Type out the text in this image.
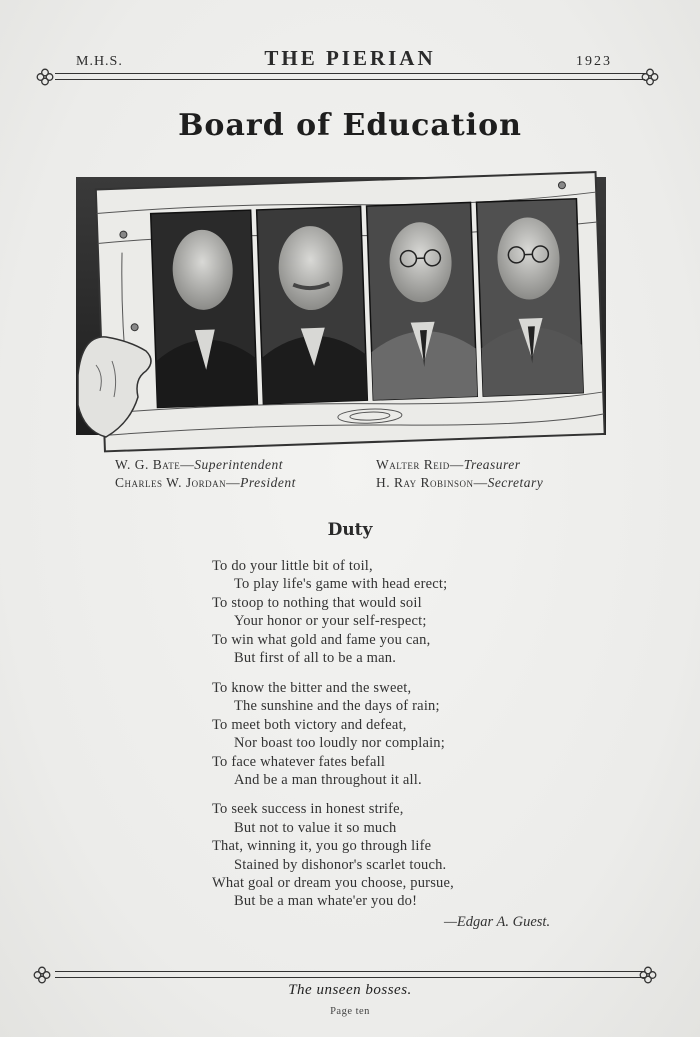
M.H.S.	THE PIERIAN	1923
Board of Education
W. G. Bate—Superintendent
Charles W. Jordan—President
Walter Reid—Treasurer
H. Ray Robinson—Secretary
Duty
To do your little bit of toil,
To play life's game with head erect;
To stoop to nothing that would soil
Your honor or your self-respect;
To win what gold and fame you can,
But first of all to be a man.
To know the bitter and the sweet,
The sunshine and the days of rain;
To meet both victory and defeat,
Nor boast too loudly nor complain;
To face whatever fates befall
And be a man throughout it all.
To seek success in honest strife,
But not to value it so much
That, winning it, you go through life
Stained by dishonor's scarlet touch.
What goal or dream you choose, pursue,
But be a man whate'er you do!
—Edgar A. Guest.
The unseen bosses.
Page ten
